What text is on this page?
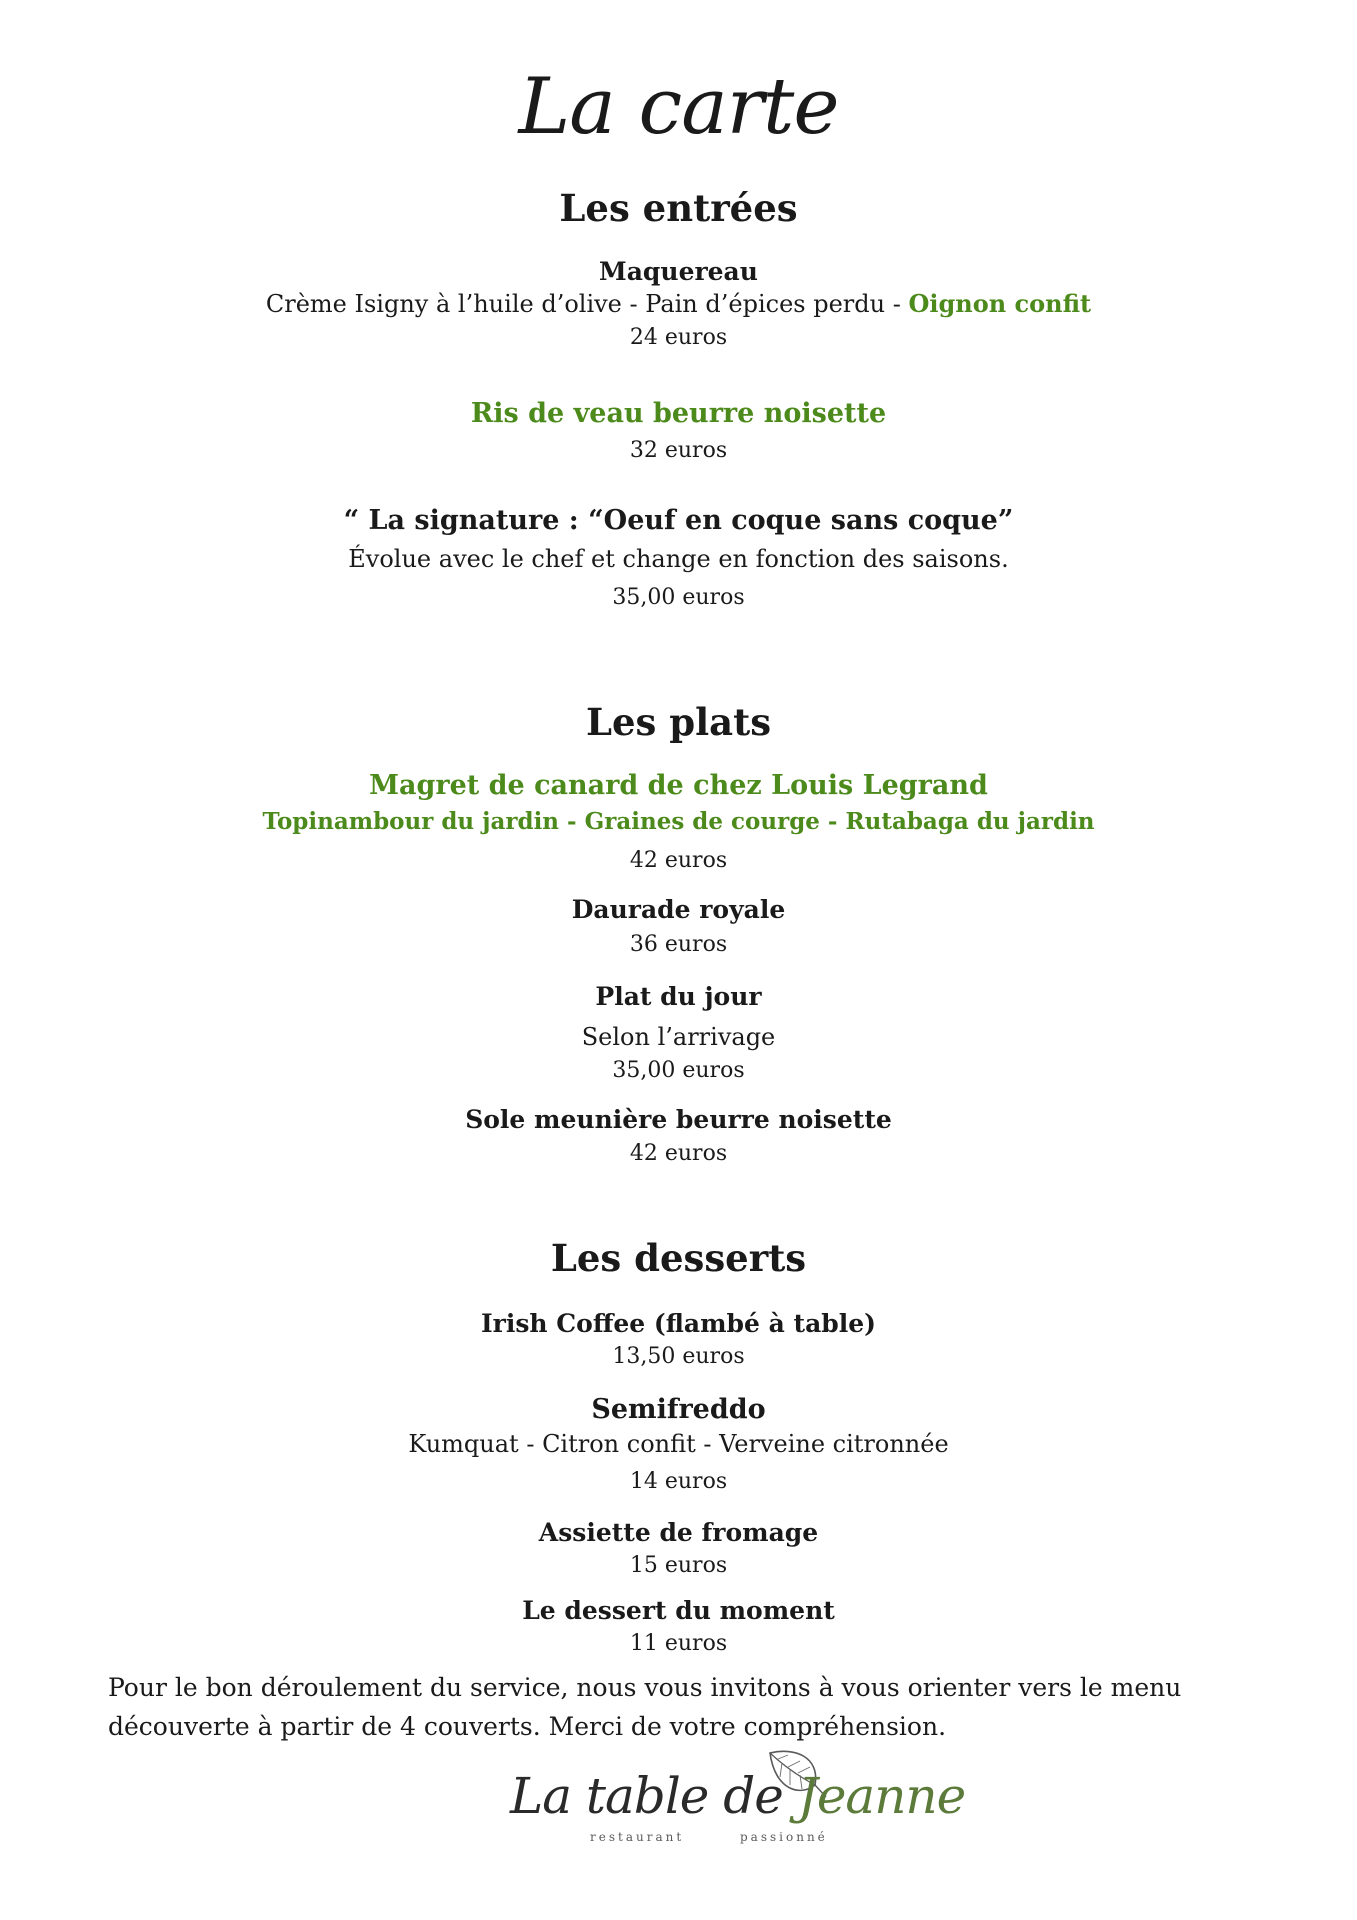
La carte
Les entrées
Maquereau
Crème Isigny à l’huile d’olive - Pain d’épices perdu - Oignon confit
24 euros
Ris de veau beurre noisette
32 euros
“ La signature : “Oeuf en coque sans coque”
Évolue avec le chef et change en fonction des saisons.
35,00 euros
Les plats
Magret de canard de chez Louis Legrand
Topinambour du jardin - Graines de courge - Rutabaga du jardin
42 euros
Daurade royale
36 euros
Plat du jour
Selon l’arrivage
35,00 euros
Sole meunière beurre noisette
42 euros
Les desserts
Irish Coffee (flambé à table)
13,50 euros
Semifreddo
Kumquat - Citron confit - Verveine citronnée
14 euros
Assiette de fromage
15 euros
Le dessert du moment
11 euros
Pour le bon déroulement du service, nous vous invitons à vous orienter vers le menu
découverte à partir de 4 couverts. Merci de votre compréhension.
La table de Jeanne
restaurant	passionné
